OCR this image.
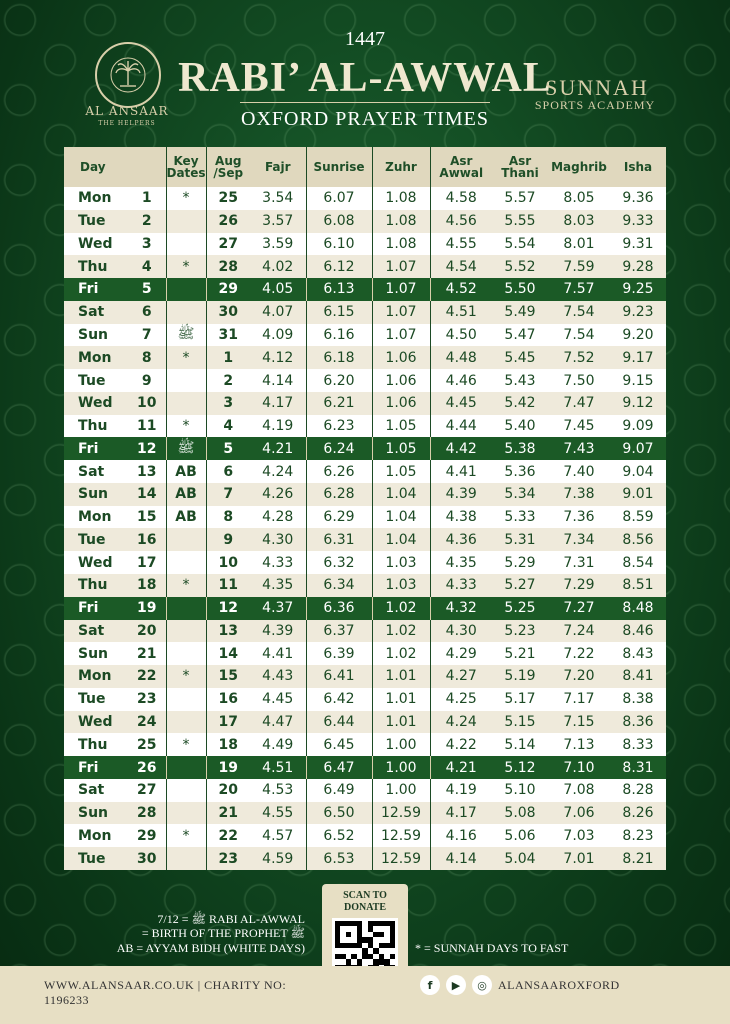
AL ANSAAR
THE HELPERS
1447
RABI’ AL-AWWAL
OXFORD PRAYER TIMES
SUNNAH
SPORTS ACADEMY
Day		Key Dates	Aug /Sep	Fajr	Sunrise	Zuhr	Asr Awwal	Asr Thani	Maghrib	Isha
Mon	1	*	25	3.54	6.07	1.08	4.58	5.57	8.05	9.36
Tue	2		26	3.57	6.08	1.08	4.56	5.55	8.03	9.33
Wed	3		27	3.59	6.10	1.08	4.55	5.54	8.01	9.31
Thu	4	*	28	4.02	6.12	1.07	4.54	5.52	7.59	9.28
Fri	5		29	4.05	6.13	1.07	4.52	5.50	7.57	9.25
Sat	6		30	4.07	6.15	1.07	4.51	5.49	7.54	9.23
Sun	7	ﷺ	31	4.09	6.16	1.07	4.50	5.47	7.54	9.20
Mon	8	*	1	4.12	6.18	1.06	4.48	5.45	7.52	9.17
Tue	9		2	4.14	6.20	1.06	4.46	5.43	7.50	9.15
Wed	10		3	4.17	6.21	1.06	4.45	5.42	7.47	9.12
Thu	11	*	4	4.19	6.23	1.05	4.44	5.40	7.45	9.09
Fri	12	ﷺ	5	4.21	6.24	1.05	4.42	5.38	7.43	9.07
Sat	13	AB	6	4.24	6.26	1.05	4.41	5.36	7.40	9.04
Sun	14	AB	7	4.26	6.28	1.04	4.39	5.34	7.38	9.01
Mon	15	AB	8	4.28	6.29	1.04	4.38	5.33	7.36	8.59
Tue	16		9	4.30	6.31	1.04	4.36	5.31	7.34	8.56
Wed	17		10	4.33	6.32	1.03	4.35	5.29	7.31	8.54
Thu	18	*	11	4.35	6.34	1.03	4.33	5.27	7.29	8.51
Fri	19		12	4.37	6.36	1.02	4.32	5.25	7.27	8.48
Sat	20		13	4.39	6.37	1.02	4.30	5.23	7.24	8.46
Sun	21		14	4.41	6.39	1.02	4.29	5.21	7.22	8.43
Mon	22	*	15	4.43	6.41	1.01	4.27	5.19	7.20	8.41
Tue	23		16	4.45	6.42	1.01	4.25	5.17	7.17	8.38
Wed	24		17	4.47	6.44	1.01	4.24	5.15	7.15	8.36
Thu	25	*	18	4.49	6.45	1.00	4.22	5.14	7.13	8.33
Fri	26		19	4.51	6.47	1.00	4.21	5.12	7.10	8.31
Sat	27		20	4.53	6.49	1.00	4.19	5.10	7.08	8.28
Sun	28		21	4.55	6.50	12.59	4.17	5.08	7.06	8.26
Mon	29	*	22	4.57	6.52	12.59	4.16	5.06	7.03	8.23
Tue	30		23	4.59	6.53	12.59	4.14	5.04	7.01	8.21
ﷺ = 7/12 RABI AL-AWWAL
= BIRTH OF THE PROPHET ﷺ
AB = AYYAM BIDH (WHITE DAYS)	* = SUNNAH DAYS TO FAST
SCAN TO
DONATE
WWW.ALANSAAR.CO.UK | CHARITY NO: 1196233
f	▶	◎ ALANSAAROXFORD
